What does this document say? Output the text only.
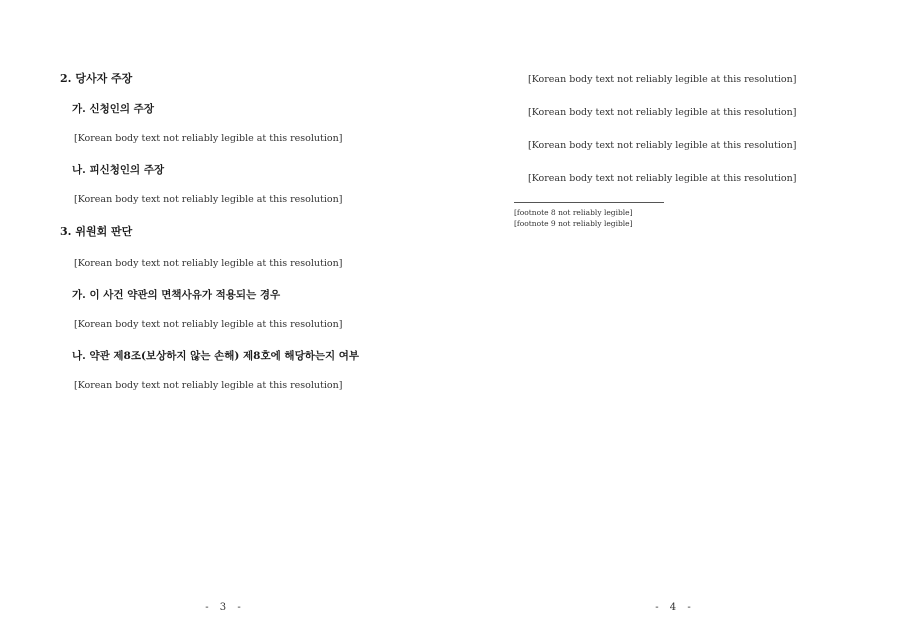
2. 당사자 주장
가. 신청인의 주장

[Korean body text not reliably legible at this resolution]

나. 피신청인의 주장

[Korean body text not reliably legible at this resolution]

3. 위원회 판단

[Korean body text not reliably legible at this resolution]

가. 이 사건 약관의 면책사유가 적용되는 경우

[Korean body text not reliably legible at this resolution]

나. 약관 제8조(보상하지 않는 손해) 제8호에 해당하는지 여부

[Korean body text not reliably legible at this resolution]

- 3 -

[Korean body text not reliably legible at this resolution]

[Korean body text not reliably legible at this resolution]

[Korean body text not reliably legible at this resolution]

[Korean body text not reliably legible at this resolution]

[footnote 8 not reliably legible]
[footnote 9 not reliably legible]
- 4 -
